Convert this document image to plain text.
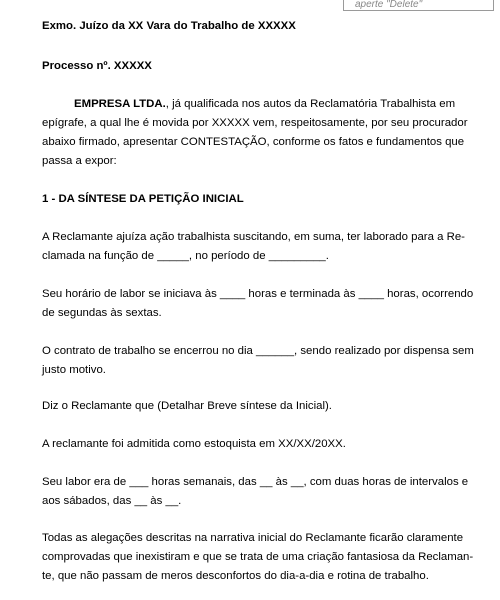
aperte "Delete"

Exmo. Juízo da XX Vara do Trabalho de XXXXX

Processo nº. XXXXX

EMPRESA LTDA., já qualificada nos autos da Reclamatória Trabalhista em

epígrafe, a qual lhe é movida por XXXXX vem, respeitosamente, por seu procurador

abaixo firmado, apresentar CONTESTAÇÃO, conforme os fatos e fundamentos que

passa a expor:

1 - DA SÍNTESE DA PETIÇÃO INICIAL

A Reclamante ajuíza ação trabalhista suscitando, em suma, ter laborado para a Re-

clamada na função de _____, no período de _________.

Seu horário de labor se iniciava às ____ horas e terminada às ____ horas, ocorrendo

de segundas às sextas.

O contrato de trabalho se encerrou no dia ______, sendo realizado por dispensa sem

justo motivo.

Diz o Reclamante que (Detalhar Breve síntese da Inicial).

A reclamante foi admitida como estoquista em XX/XX/20XX.

Seu labor era de ___ horas semanais, das __ às __, com duas horas de intervalos e

aos sábados, das __ às __.

Todas as alegações descritas na narrativa inicial do Reclamante ficarão claramente

comprovadas que inexistiram e que se trata de uma criação fantasiosa da Reclaman-

te, que não passam de meros desconfortos do dia-a-dia e rotina de trabalho.
